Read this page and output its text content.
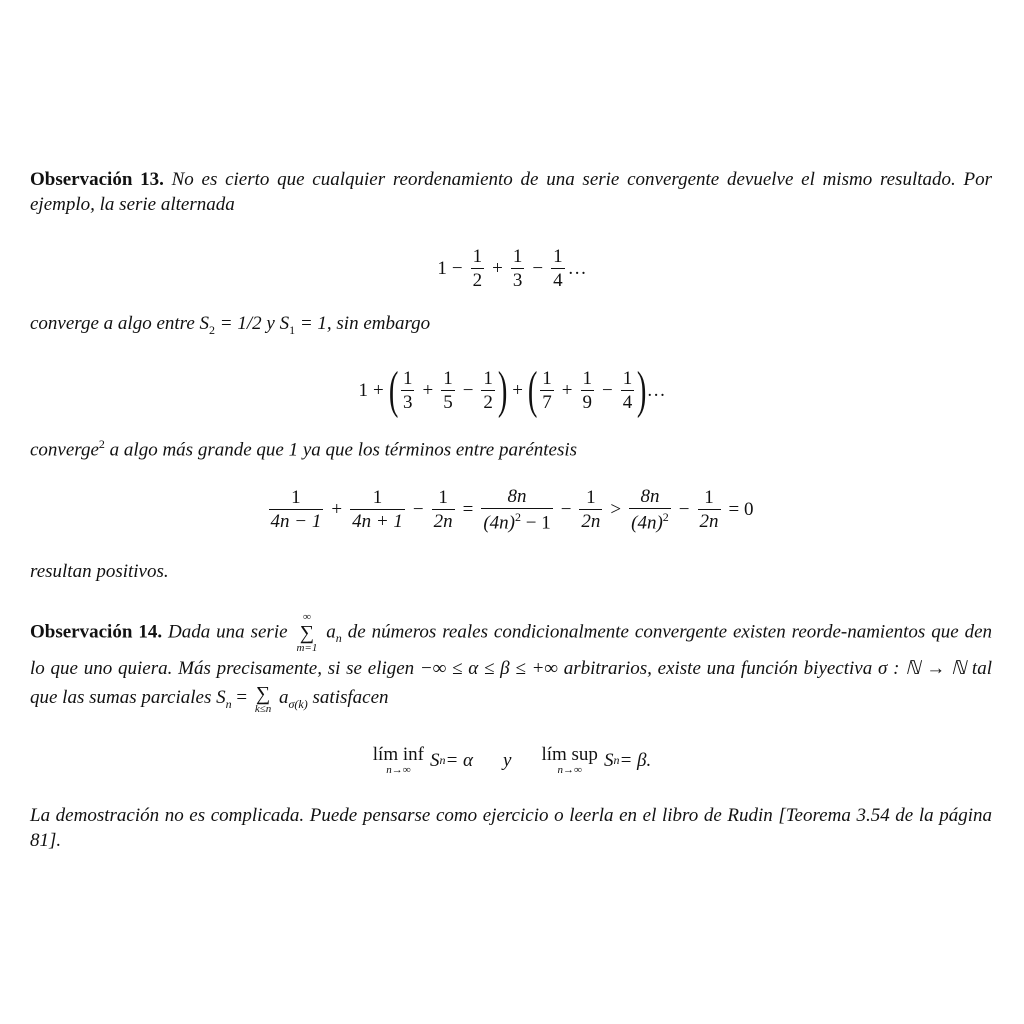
Observación 13. No es cierto que cualquier reordenamiento de una serie convergente devuelve el mismo resultado. Por ejemplo, la serie alternada
$1 - \frac{1}{2} + \frac{1}{3} - \frac{1}{4}$ …
converge a algo entre $S_2 = 1/2$ y $S_1 = 1$, sin embargo
1 + ( $\frac{1}{3} + \frac{1}{5} - \frac{1}{2}$ ) + ( $\frac{1}{7} + \frac{1}{9} - \frac{1}{4}$ ) …
converge$^2$ a algo más grande que 1 ya que los términos entre paréntesis
$\frac{1}{4n - 1} + \frac{1}{4n + 1} - \frac{1}{2n} = \frac{8n}{(4n)^2 - 1} - \frac{1}{2n} > \frac{8n}{(4n)^2} - \frac{1}{2n} = 0$
resultan positivos.
Observación 14. Dada una serie
∞
∑
m=1
$a_n$ de números reales condicionalmente convergente existen reorde-namientos que den lo que uno quiera. Más precisamente, si se eligen −∞ ≤ α ≤ β ≤ +∞ arbitrarios, existe una función biyectiva σ : ℕ → ℕ tal que las sumas parciales $S_n$ = ∑
k≤n
$a_{\sigma(k)}$ satisfacen
lím inf
n→∞ S n = α y lím sup
n→∞ S n = β.
La demostración no es complicada. Puede pensarse como ejercicio o leerla en el libro de Rudin [Teorema 3.54 de la página 81].
